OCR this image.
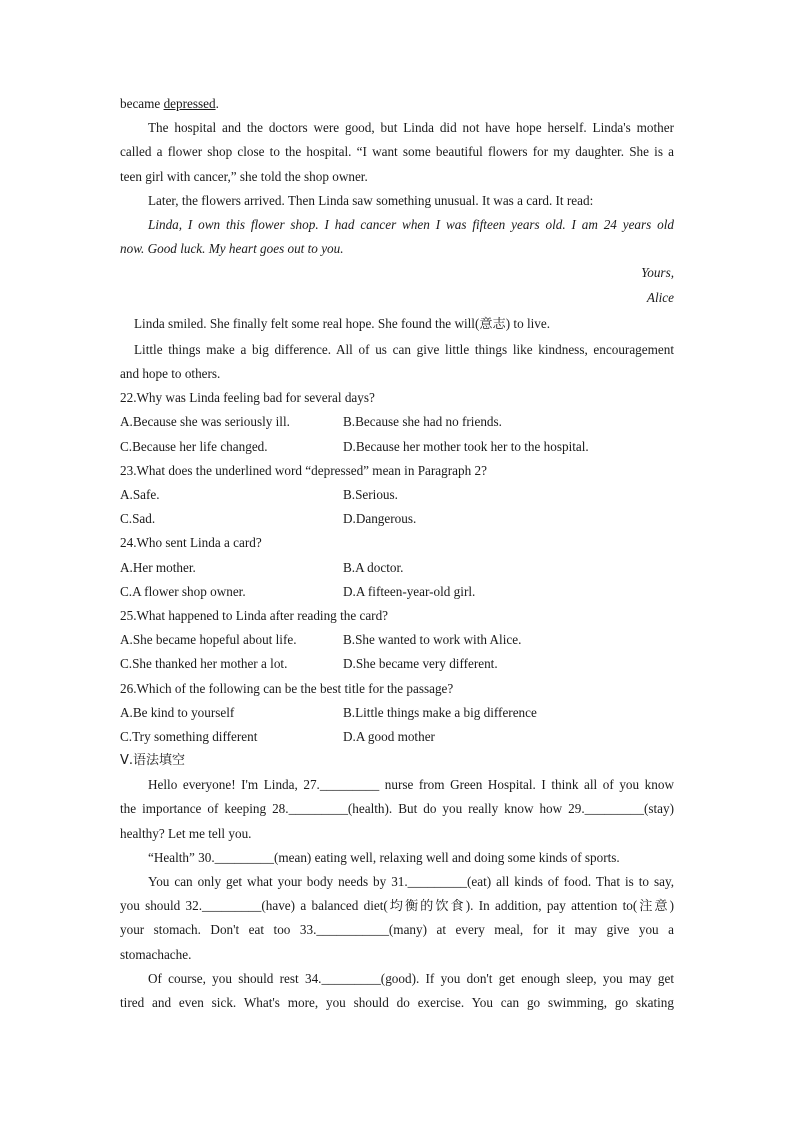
became depressed.
The hospital and the doctors were good, but Linda did not have hope herself. Linda's mother
called a flower shop close to the hospital. “I want some beautiful flowers for my daughter. She is a
teen girl with cancer,” she told the shop owner.
Later, the flowers arrived. Then Linda saw something unusual. It was a card. It read:
Linda, I own this flower shop. I had cancer when I was fifteen years old. I am 24 years old
now. Good luck. My heart goes out to you.
Yours,
Alice
Linda smiled. She finally felt some real hope. She found the will(意志) to live.
Little things make a big difference. All of us can give little things like kindness, encouragement
and hope to others.
22.Why was Linda feeling bad for several days?
A.Because she was seriously ill.	B.Because she had no friends.
C.Because her life changed.	D.Because her mother took her to the hospital.
23.What does the underlined word “depressed” mean in Paragraph 2?
A.Safe.	B.Serious.
C.Sad.	D.Dangerous.
24.Who sent Linda a card?
A.Her mother.	B.A doctor.
C.A flower shop owner.	D.A fifteen-year-old girl.
25.What happened to Linda after reading the card?
A.She became hopeful about life.	B.She wanted to work with Alice.
C.She thanked her mother a lot.	D.She became very different.
26.Which of the following can be the best title for the passage?
A.Be kind to yourself	B.Little things make a big difference
C.Try something different	D.A good mother
Ⅴ.语法填空
Hello everyone! I'm Linda, 27._________ nurse from Green Hospital. I think all of you know
the importance of keeping 28._________(health). But do you really know how 29._________(stay)
healthy? Let me tell you.
“Health” 30._________(mean) eating well, relaxing well and doing some kinds of sports.
You can only get what your body needs by 31._________(eat) all kinds of food. That is to say,
you should 32._________(have) a balanced diet(均衡的饮食). In addition, pay attention to(注意)
your stomach. Don't eat too 33.___________(many) at every meal, for it may give you a
stomachache.
Of course, you should rest 34._________(good). If you don't get enough sleep, you may get
tired and even sick. What's more, you should do exercise. You can go swimming, go skating
